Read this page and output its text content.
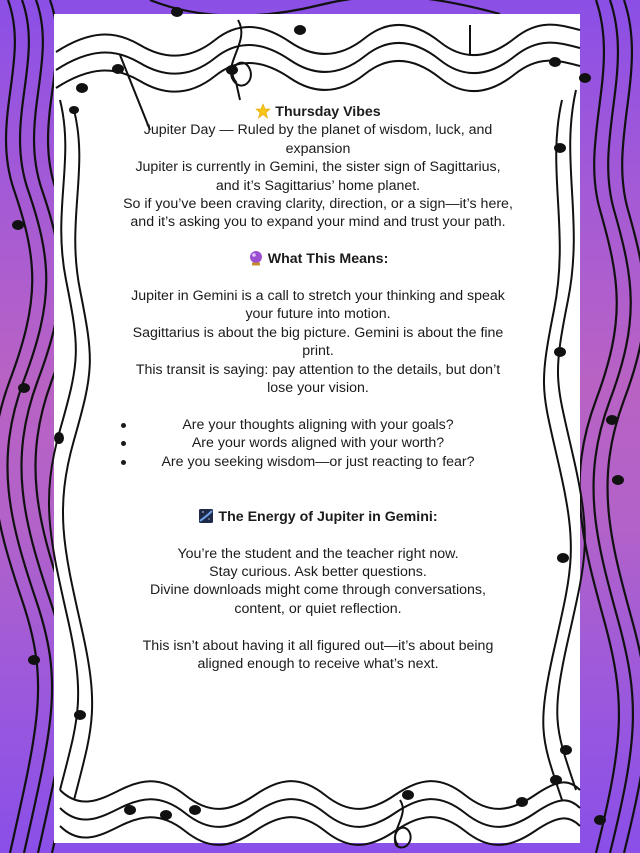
Thursday Vibes

Jupiter Day — Ruled by the planet of wisdom, luck, and

expansion

Jupiter is currently in Gemini, the sister sign of Sagittarius,

and it’s Sagittarius’ home planet.

So if you’ve been craving clarity, direction, or a sign—it’s here,

and it’s asking you to expand your mind and trust your path.

What This Means:

Jupiter in Gemini is a call to stretch your thinking and speak

your future into motion.

Sagittarius is about the big picture. Gemini is about the fine

print.

This transit is saying: pay attention to the details, but don’t

lose your vision.

Are your thoughts aligning with your goals?
Are your words aligned with your worth?
Are you seeking wisdom—or just reacting to fear?

The Energy of Jupiter in Gemini:

You’re the student and the teacher right now.

Stay curious. Ask better questions.

Divine downloads might come through conversations,

content, or quiet reflection.

This isn’t about having it all figured out—it’s about being

aligned enough to receive what’s next.
